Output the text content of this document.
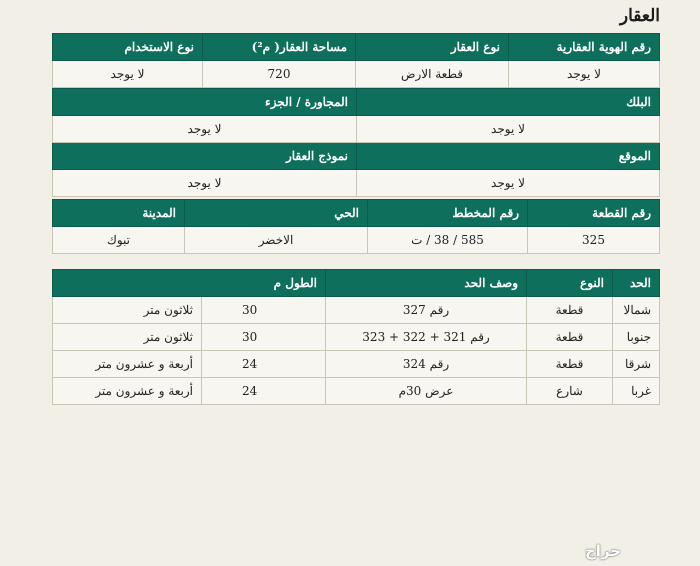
العقار
رقم الهوية العقارية	نوع العقار	مساحة العقار( م²)	نوع الاستخدام
لا يوجد	قطعة الارض	720	لا يوجد
البلك	المجاورة / الجزء
لا يوجد	لا يوجد
الموقع	نموذج العقار
لا يوجد	لا يوجد
رقم القطعة	رقم المخطط	الحي	المدينة
325	585 / 38 / ت	الاخضر	تبوك
الحد	النوع	وصف الحد	الطول م	
شمالا	قطعة	رقم 327	30	ثلاثون متر
جنوبا	قطعة	رقم 321 + 322 + 323	30	ثلاثون متر
شرقا	قطعة	رقم 324	24	أربعة و عشرون متر
غربا	شارع	عرض 30م	24	أربعة و عشرون متر
حراج
